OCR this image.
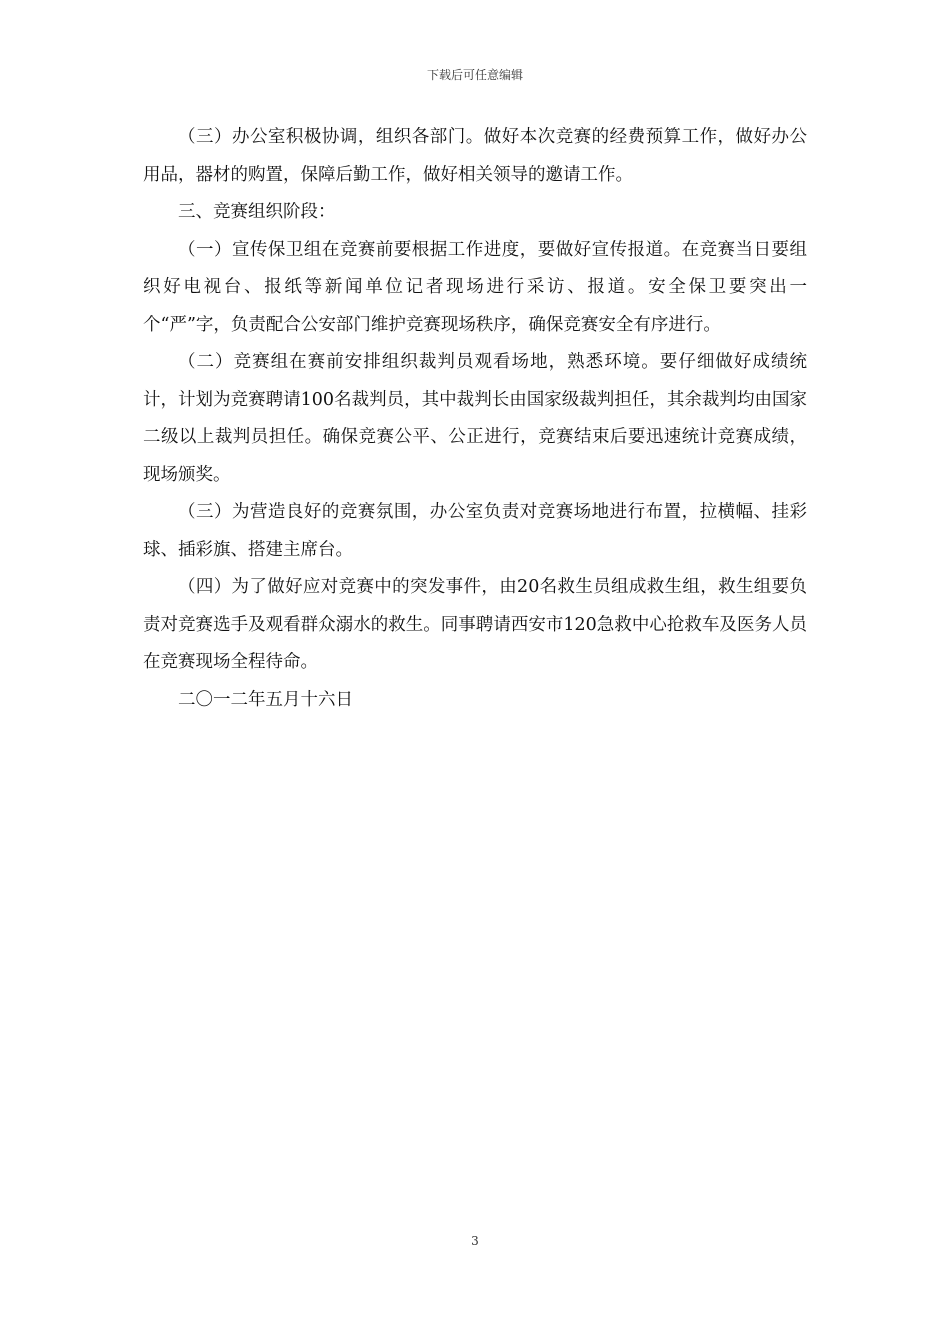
下载后可任意编辑

（三）办公室积极协调，组织各部门。做好本次竞赛的经费预算工作，做好办公用品，器材的购置，保障后勤工作，做好相关领导的邀请工作。

三、竞赛组织阶段：

（一）宣传保卫组在竞赛前要根据工作进度，要做好宣传报道。在竞赛当日要组织好电视台、报纸等新闻单位记者现场进行采访、报道。安全保卫要突出一个“严”字，负责配合公安部门维护竞赛现场秩序，确保竞赛安全有序进行。

（二）竞赛组在赛前安排组织裁判员观看场地，熟悉环境。要仔细做好成绩统计，计划为竞赛聘请100名裁判员，其中裁判长由国家级裁判担任，其余裁判均由国家二级以上裁判员担任。确保竞赛公平、公正进行，竞赛结束后要迅速统计竞赛成绩，现场颁奖。

（三）为营造良好的竞赛氛围，办公室负责对竞赛场地进行布置，拉横幅、挂彩球、插彩旗、搭建主席台。

（四）为了做好应对竞赛中的突发事件，由20名救生员组成救生组，救生组要负责对竞赛选手及观看群众溺水的救生。同事聘请西安市120急救中心抢救车及医务人员在竞赛现场全程待命。

二〇一二年五月十六日

3
